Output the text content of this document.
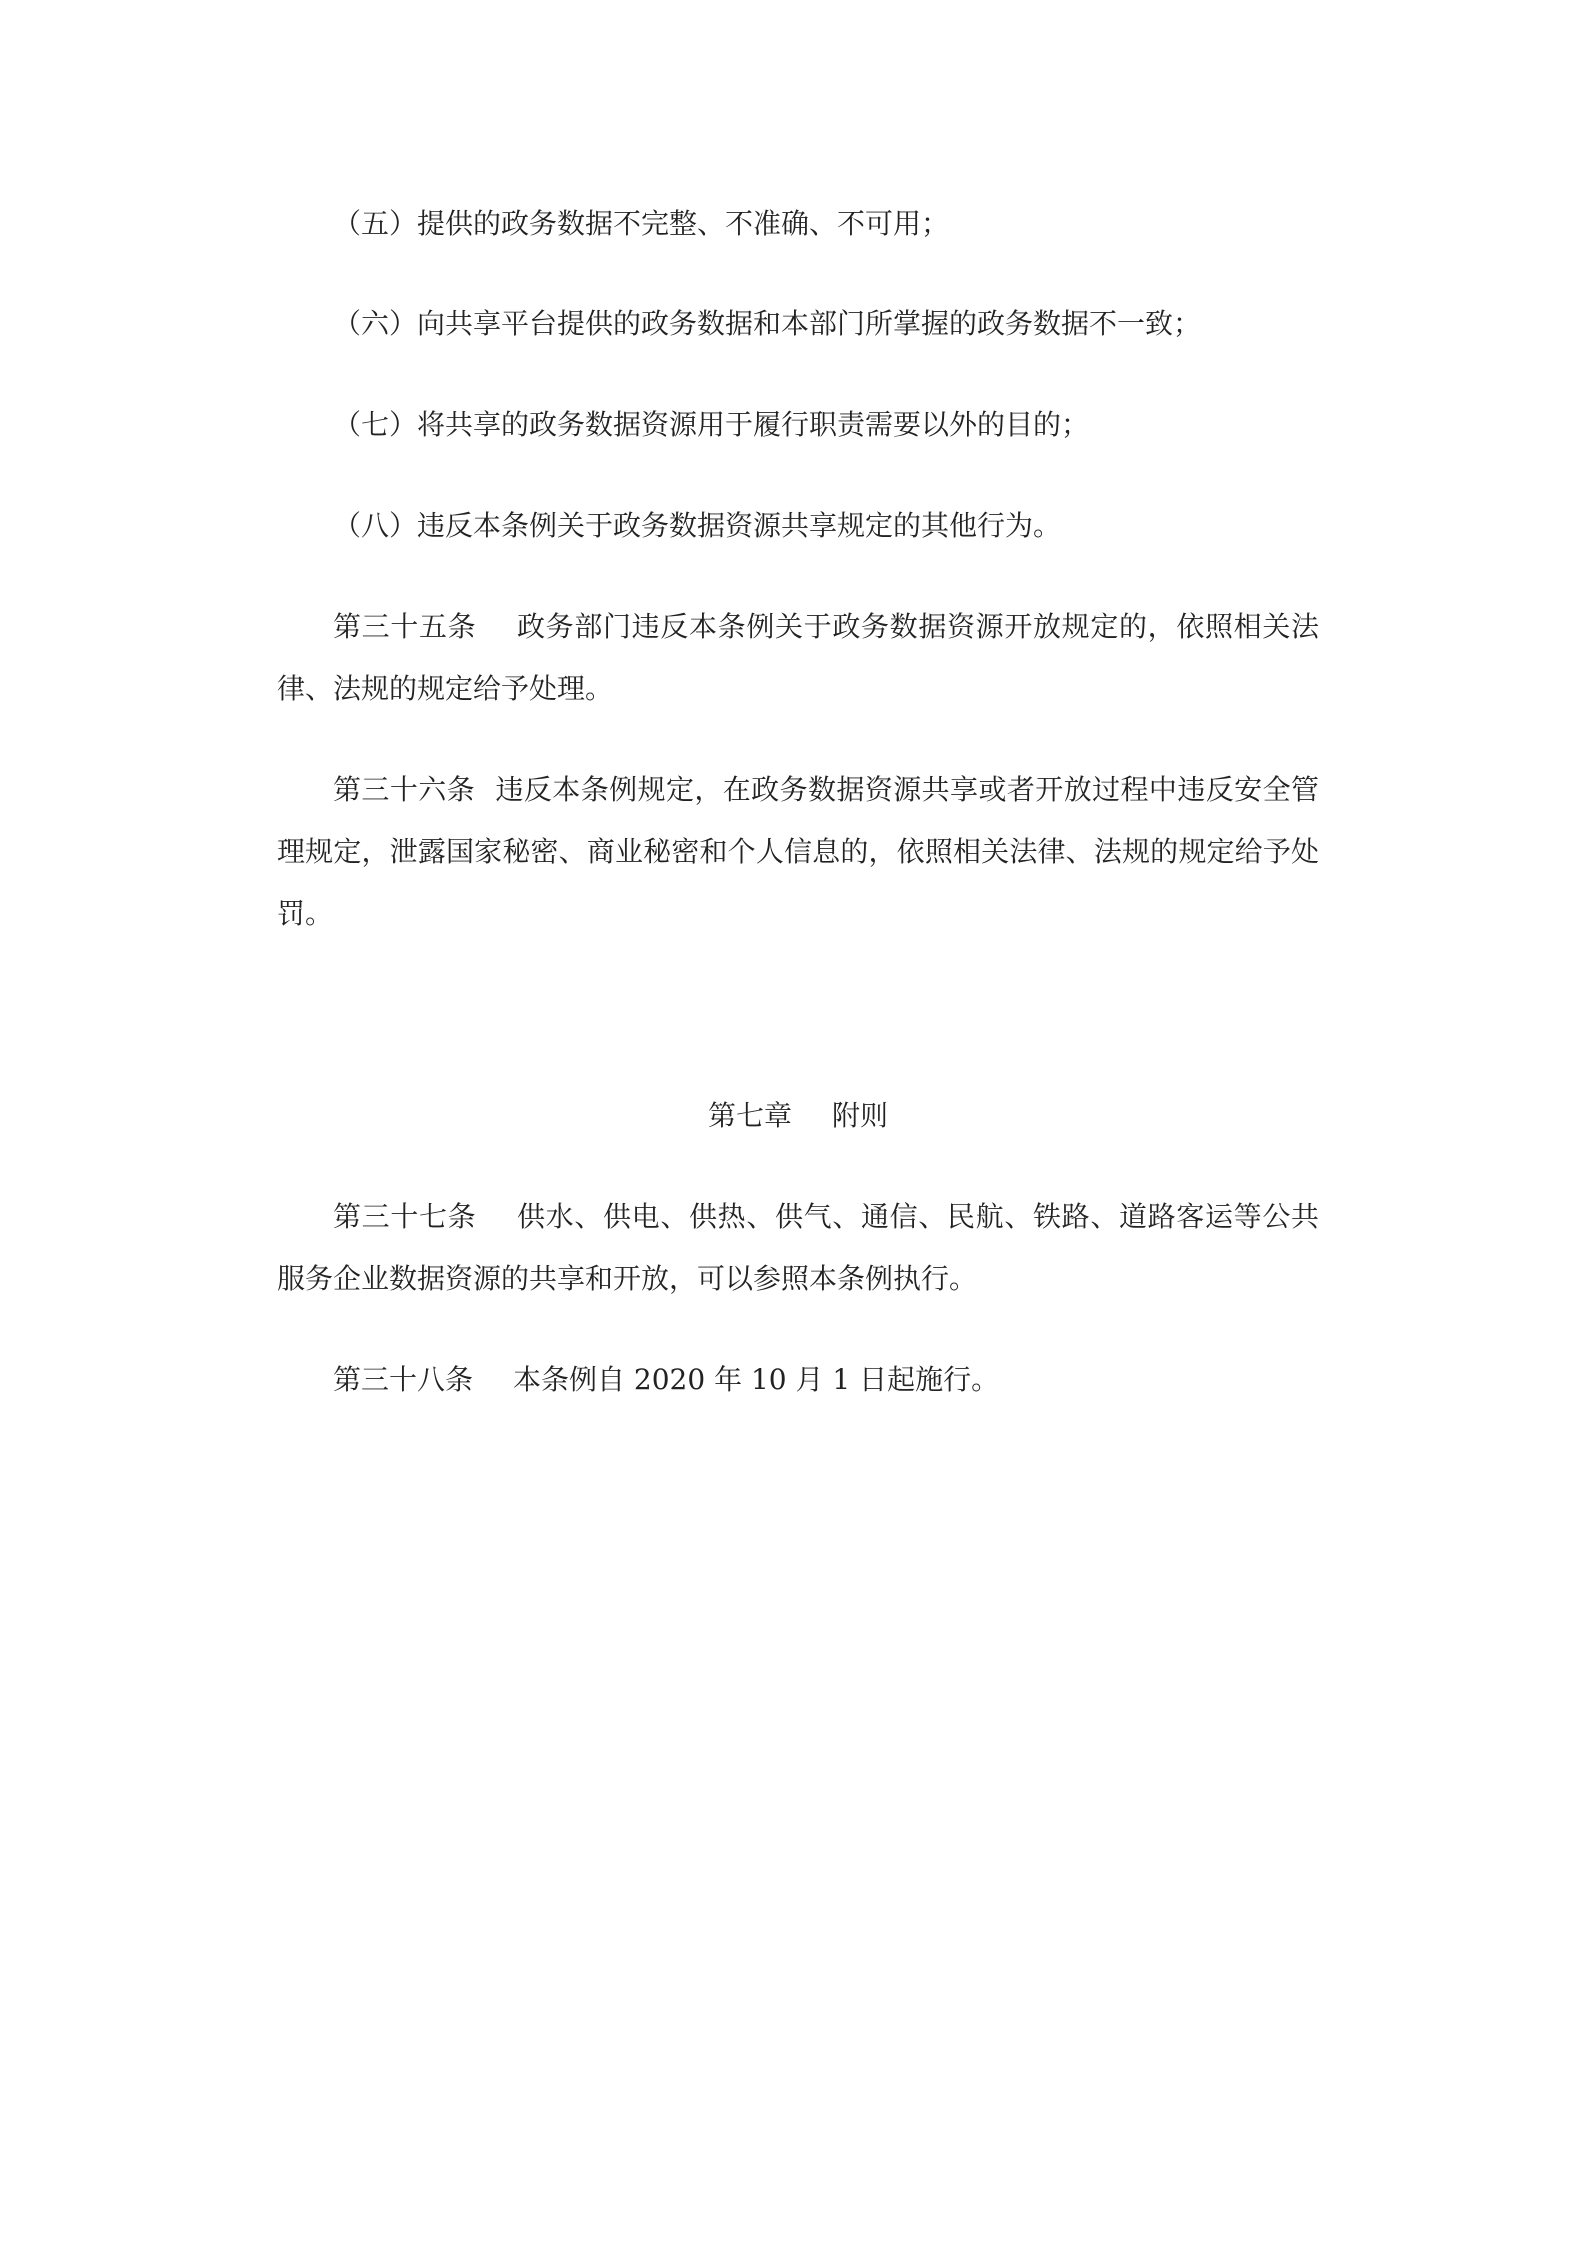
（五）提供的政务数据不完整、不准确、不可用；

（六）向共享平台提供的政务数据和本部门所掌握的政务数据不一致；

（七）将共享的政务数据资源用于履行职责需要以外的目的；

（八）违反本条例关于政务数据资源共享规定的其他行为。

第三十五条 政务部门违反本条例关于政务数据资源开放规定的，依照相关法律、法规的规定给予处理。

第三十六条 违反本条例规定，在政务数据资源共享或者开放过程中违反安全管理规定，泄露国家秘密、商业秘密和个人信息的，依照相关法律、法规的规定给予处罚。

第七章 附则

第三十七条 供水、供电、供热、供气、通信、民航、铁路、道路客运等公共服务企业数据资源的共享和开放，可以参照本条例执行。

第三十八条 本条例自 2020 年 10 月 1 日起施行。
